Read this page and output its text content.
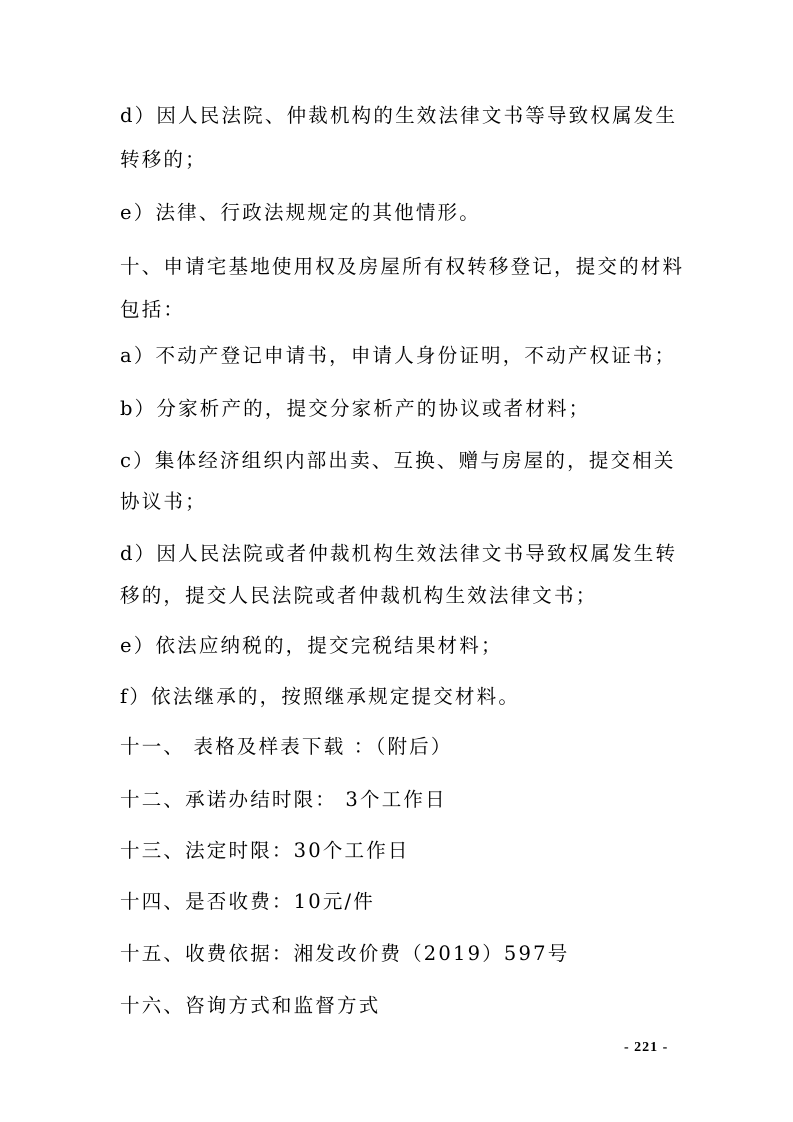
d）因人民法院、仲裁机构的生效法律文书等导致权属发生
转移的；
e）法律、行政法规规定的其他情形。
十、申请宅基地使用权及房屋所有权转移登记，提交的材料
包括：
a）不动产登记申请书，申请人身份证明，不动产权证书；
b）分家析产的，提交分家析产的协议或者材料；
c）集体经济组织内部出卖、互换、赠与房屋的，提交相关
协议书；
d）因人民法院或者仲裁机构生效法律文书导致权属发生转
移的，提交人民法院或者仲裁机构生效法律文书；
e）依法应纳税的，提交完税结果材料；
f）依法继承的，按照继承规定提交材料。
十一、 表格及样表下载 ：（附后）
十二、承诺办结时限： 3个工作日
十三、法定时限：30个工作日
十四、是否收费：10元/件
十五、收费依据：湘发改价费（2019）597号
十六、咨询方式和监督方式
- 221 -
